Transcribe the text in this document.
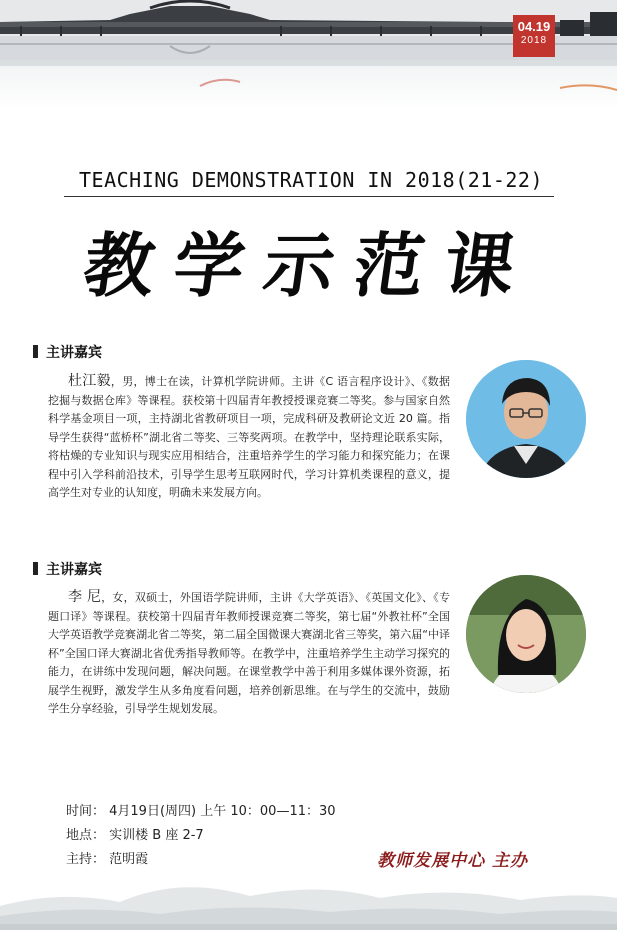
04.19
2018
TEACHING DEMONSTRATION IN 2018(21-22)
教学示范课
主讲嘉宾

杜江毅，男，博士在读，计算机学院讲师。主讲《C 语言程序设计》、《数据挖掘与数据仓库》等课程。获校第十四届青年教授授课竞赛二等奖。参与国家自然科学基金项目一项，主持湖北省教研项目一项，完成科研及教研论文近 20 篇。指导学生获得“蓝桥杯”湖北省二等奖、三等奖两项。在教学中，坚持理论联系实际，将枯燥的专业知识与现实应用相结合，注重培养学生的学习能力和探究能力；在课程中引入学科前沿技术，引导学生思考互联网时代，学习计算机类课程的意义，提高学生对专业的认知度，明确未来发展方向。

主讲嘉宾

李 尼，女，双硕士，外国语学院讲师，主讲《大学英语》、《英国文化》、《专题口译》等课程。获校第十四届青年教师授课竞赛二等奖，第七届“外教社杯”全国大学英语教学竞赛湖北省二等奖，第二届全国微课大赛湖北省三等奖，第六届“中译杯”全国口译大赛湖北省优秀指导教师等。在教学中，注重培养学生主动学习探究的能力，在讲练中发现问题，解决问题。在课堂教学中善于利用多媒体课外资源，拓展学生视野，激发学生从多角度看问题，培养创新思维。在与学生的交流中，鼓励学生分享经验，引导学生规划发展。

时间： 4月19日(周四) 上午 10：00—11：30
地点： 实训楼 B 座 2-7
主持： 范明霞	教师发展中心 主办
